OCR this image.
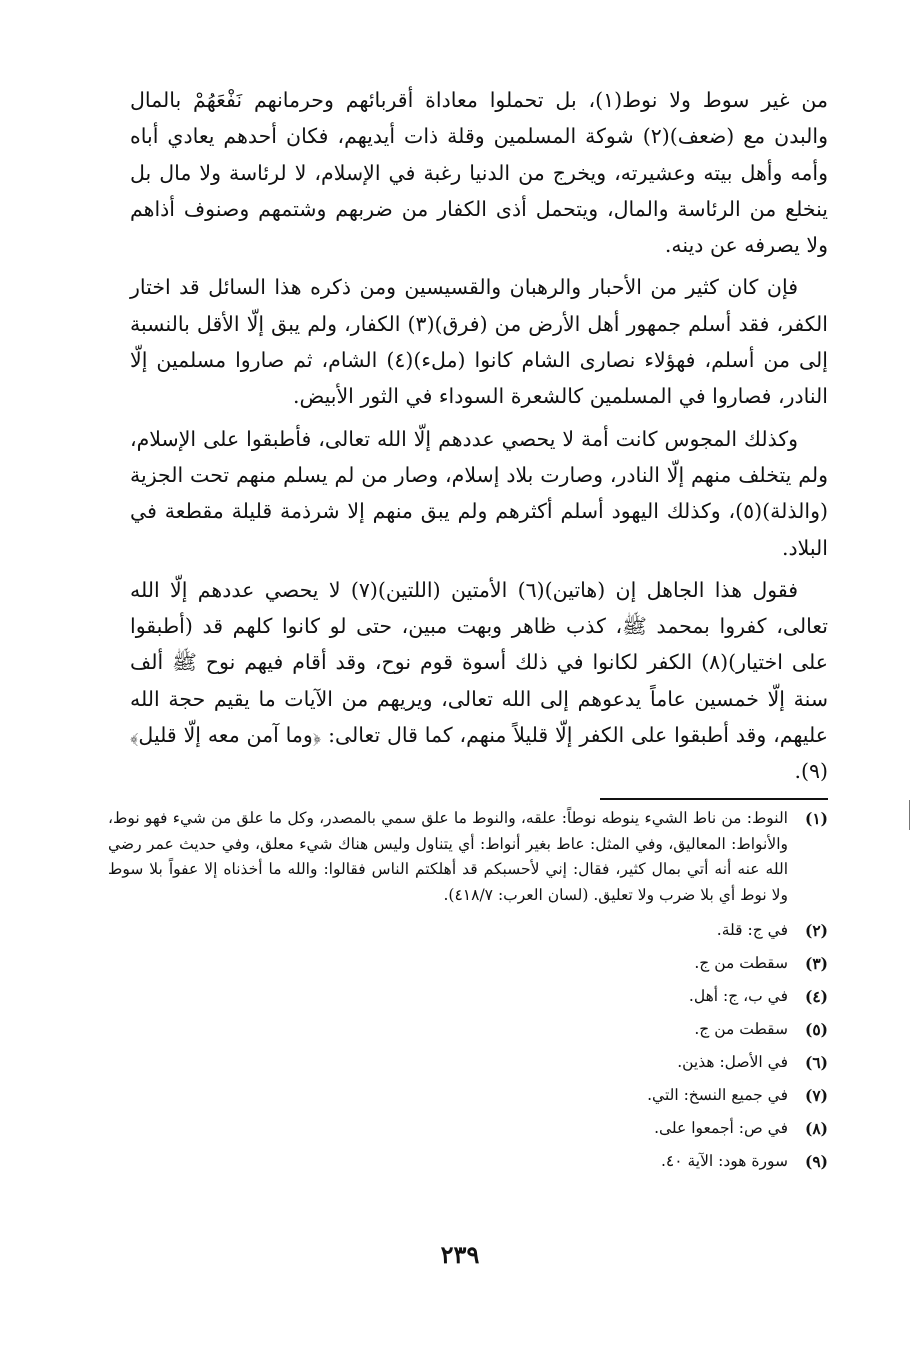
من غير سوط ولا نوط(١)، بل تحملوا معاداة أقربائهم وحرمانهم نَفْعَهُمْ بالمال والبدن مع (ضعف)(٢) شوكة المسلمين وقلة ذات أيديهم، فكان أحدهم يعادي أباه وأمه وأهل بيته وعشيرته، ويخرج من الدنيا رغبة في الإسلام، لا لرئاسة ولا مال بل ينخلع من الرئاسة والمال، ويتحمل أذى الكفار من ضربهم وشتمهم وصنوف أذاهم ولا يصرفه عن دينه.

فإن كان كثير من الأحبار والرهبان والقسيسين ومن ذكره هذا السائل قد اختار الكفر، فقد أسلم جمهور أهل الأرض من (فرق)(٣) الكفار، ولم يبق إلّا الأقل بالنسبة إلى من أسلم، فهؤلاء نصارى الشام كانوا (ملء)(٤) الشام، ثم صاروا مسلمين إلّا النادر، فصاروا في المسلمين كالشعرة السوداء في الثور الأبيض.

وكذلك المجوس كانت أمة لا يحصي عددهم إلّا الله تعالى، فأطبقوا على الإسلام، ولم يتخلف منهم إلّا النادر، وصارت بلاد إسلام، وصار من لم يسلم منهم تحت الجزية (والذلة)(٥)، وكذلك اليهود أسلم أكثرهم ولم يبق منهم إلا شرذمة قليلة مقطعة في البلاد.

فقول هذا الجاهل إن (هاتين)(٦) الأمتين (اللتين)(٧) لا يحصي عددهم إلّا الله تعالى، كفروا بمحمد ﷺ، كذب ظاهر وبهت مبين، حتى لو كانوا كلهم قد (أطبقوا على اختيار)(٨) الكفر لكانوا في ذلك أسوة قوم نوح، وقد أقام فيهم نوح ﷺ ألف سنة إلّا خمسين عاماً يدعوهم إلى الله تعالى، ويريهم من الآيات ما يقيم حجة الله عليهم، وقد أطبقوا على الكفر إلّا قليلاً منهم، كما قال تعالى: ﴿وما آمن معه إلّا قليل﴾(٩).

(١)
النوط: من ناط الشيء ينوطه نوطاً: علقه، والنوط ما علق سمي بالمصدر، وكل ما علق من شيء فهو نوط، والأنواط: المعاليق، وفي المثل: عاط بغير أنواط: أي يتناول وليس هناك شيء معلق، وفي حديث عمر رضي الله عنه أنه أتي بمال كثير، فقال: إني لأحسبكم قد أهلكتم الناس فقالوا: والله ما أخذناه إلا عفواً بلا سوط ولا نوط أي بلا ضرب ولا تعليق. (لسان العرب: ٤١٨/٧).
(٢)
في ج: قلة.
(٣)
سقطت من ج.
(٤)
في ب، ج: أهل.
(٥)
سقطت من ج.
(٦)
في الأصل: هذين.
(٧)
في جميع النسخ: التي.
(٨)
في ص: أجمعوا على.
(٩)
سورة هود: الآية ٤٠.
٢٣٩
